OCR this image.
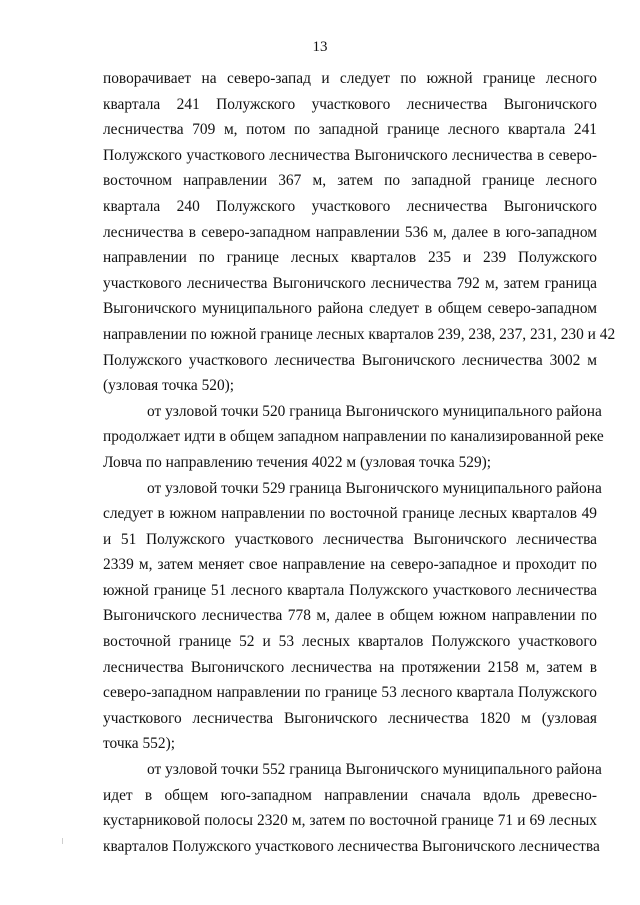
13
поворачивает на северо-запад и следует по южной границе лесного
квартала 241 Полужского участкового лесничества Выгоничского
лесничества 709 м, потом по западной границе лесного квартала 241
Полужского участкового лесничества Выгоничского лесничества в северо-
восточном направлении 367 м, затем по западной границе лесного
квартала 240 Полужского участкового лесничества Выгоничского
лесничества в северо-западном направлении 536 м, далее в юго-западном
направлении по границе лесных кварталов 235 и 239 Полужского
участкового лесничества Выгоничского лесничества 792 м, затем граница
Выгоничского муниципального района следует в общем северо-западном
направлении по южной границе лесных кварталов 239, 238, 237, 231, 230 и 42
Полужского участкового лесничества Выгоничского лесничества 3002 м
(узловая точка 520);
от узловой точки 520 граница Выгоничского муниципального района
продолжает идти в общем западном направлении по канализированной реке
Ловча по направлению течения 4022 м (узловая точка 529);
от узловой точки 529 граница Выгоничского муниципального района
следует в южном направлении по восточной границе лесных кварталов 49
и 51 Полужского участкового лесничества Выгоничского лесничества
2339 м, затем меняет свое направление на северо-западное и проходит по
южной границе 51 лесного квартала Полужского участкового лесничества
Выгоничского лесничества 778 м, далее в общем южном направлении по
восточной границе 52 и 53 лесных кварталов Полужского участкового
лесничества Выгоничского лесничества на протяжении 2158 м, затем в
северо-западном направлении по границе 53 лесного квартала Полужского
участкового лесничества Выгоничского лесничества 1820 м (узловая
точка 552);
от узловой точки 552 граница Выгоничского муниципального района
идет в общем юго-западном направлении сначала вдоль древесно-
кустарниковой полосы 2320 м, затем по восточной границе 71 и 69 лесных
кварталов Полужского участкового лесничества Выгоничского лесничества
